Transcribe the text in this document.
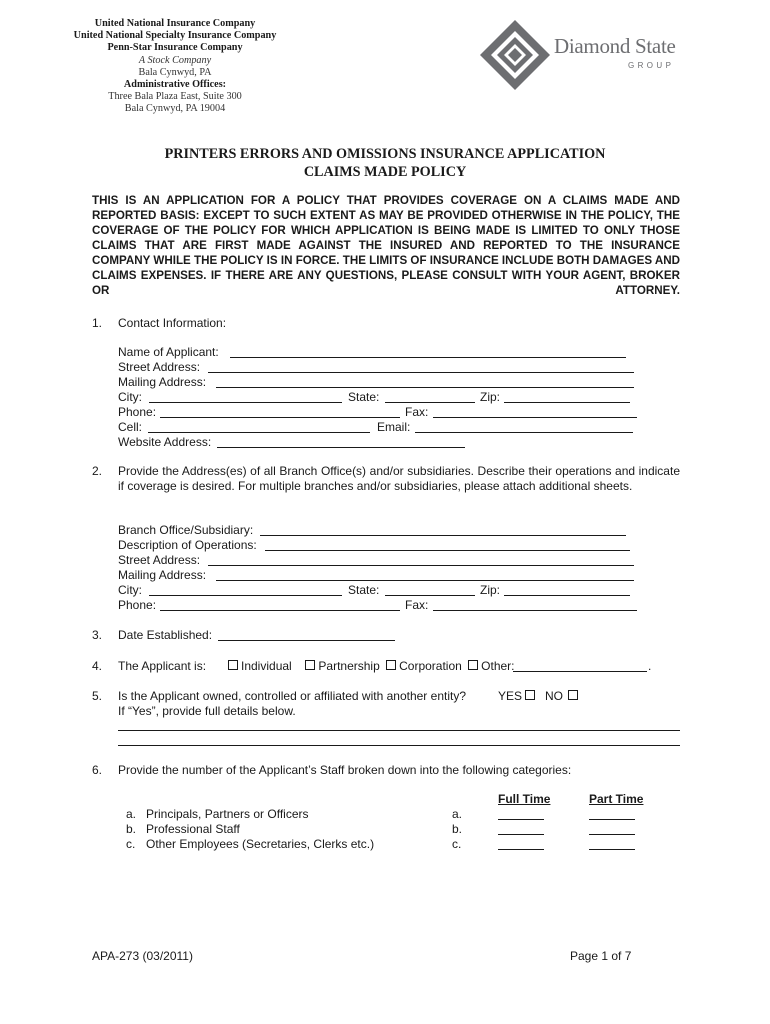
United National Insurance Company
United National Specialty Insurance Company
Penn-Star Insurance Company
A Stock Company
Bala Cynwyd, PA
Administrative Offices:
Three Bala Plaza East, Suite 300
Bala Cynwyd, PA 19004
Diamond State
GROUP
PRINTERS ERRORS AND OMISSIONS INSURANCE APPLICATION
CLAIMS MADE POLICY
THIS IS AN APPLICATION FOR A POLICY THAT PROVIDES COVERAGE ON A CLAIMS MADE AND REPORTED BASIS: EXCEPT TO SUCH EXTENT AS MAY BE PROVIDED OTHERWISE IN THE POLICY, THE COVERAGE OF THE POLICY FOR WHICH APPLICATION IS BEING MADE IS LIMITED TO ONLY THOSE CLAIMS THAT ARE FIRST MADE AGAINST THE INSURED AND REPORTED TO THE INSURANCE COMPANY WHILE THE POLICY IS IN FORCE. THE LIMITS OF INSURANCE INCLUDE BOTH DAMAGES AND CLAIMS EXPENSES. IF THERE ARE ANY QUESTIONS, PLEASE CONSULT WITH YOUR AGENT, BROKER OR ATTORNEY.
1. Contact Information:
Name of Applicant:
Street Address:
Mailing Address:
City:	State:	Zip:
Phone:	Fax:
Cell:	Email:
Website Address:
2. Provide the Address(es) of all Branch Office(s) and/or subsidiaries. Describe their operations and indicate if coverage is desired. For multiple branches and/or subsidiaries, please attach additional sheets.
Branch Office/Subsidiary:
Description of Operations:
Street Address:
Mailing Address:
City:	State:	Zip:
Phone:	Fax:
3. Date Established:
4. The Applicant is:	Individual Partnership Corporation Other:	.
5. Is the Applicant owned, controlled or affiliated with another entity?	YES NO
If “Yes”, provide full details below.
6. Provide the number of the Applicant’s Staff broken down into the following categories:
Full Time	Part Time
a. Principals, Partners or Officers	a.
b. Professional Staff	b.
c. Other Employees (Secretaries, Clerks etc.)	c.
APA-273 (03/2011)	Page 1 of 7
